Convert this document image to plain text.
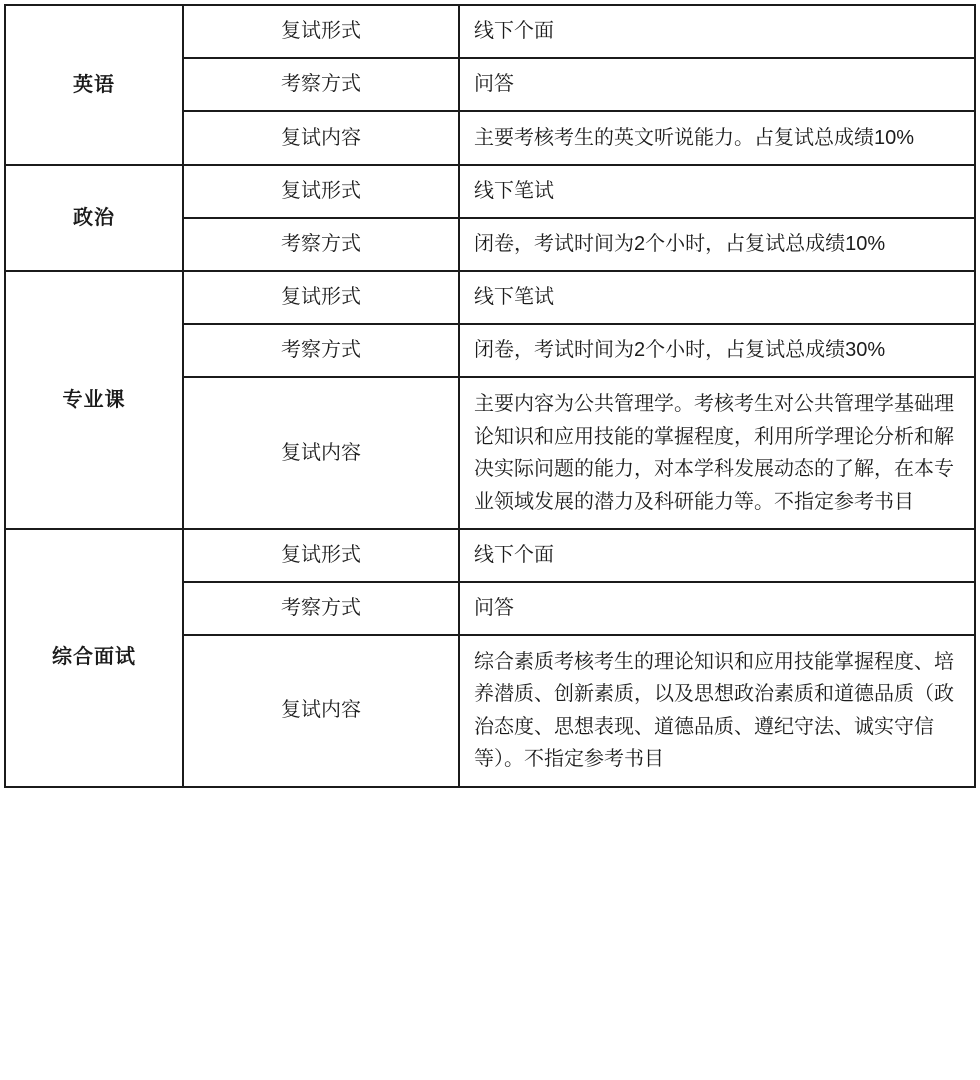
英语	复试形式	线下个面
	考察方式	问答
	复试内容	主要考核考生的英文听说能力。占复试总成绩10%
政治	复试形式	线下笔试
	考察方式	闭卷，考试时间为2个小时，占复试总成绩10%
专业课	复试形式	线下笔试
	考察方式	闭卷，考试时间为2个小时，占复试总成绩30%
	复试内容	主要内容为公共管理学。考核考生对公共管理学基础理论知识和应用技能的掌握程度，利用所学理论分析和解决实际问题的能力，对本学科发展动态的了解，在本专业领域发展的潜力及科研能力等。不指定参考书目
综合面试	复试形式	线下个面
	考察方式	问答
	复试内容	综合素质考核考生的理论知识和应用技能掌握程度、培养潜质、创新素质，以及思想政治素质和道德品质（政治态度、思想表现、道德品质、遵纪守法、诚实守信等）。不指定参考书目
